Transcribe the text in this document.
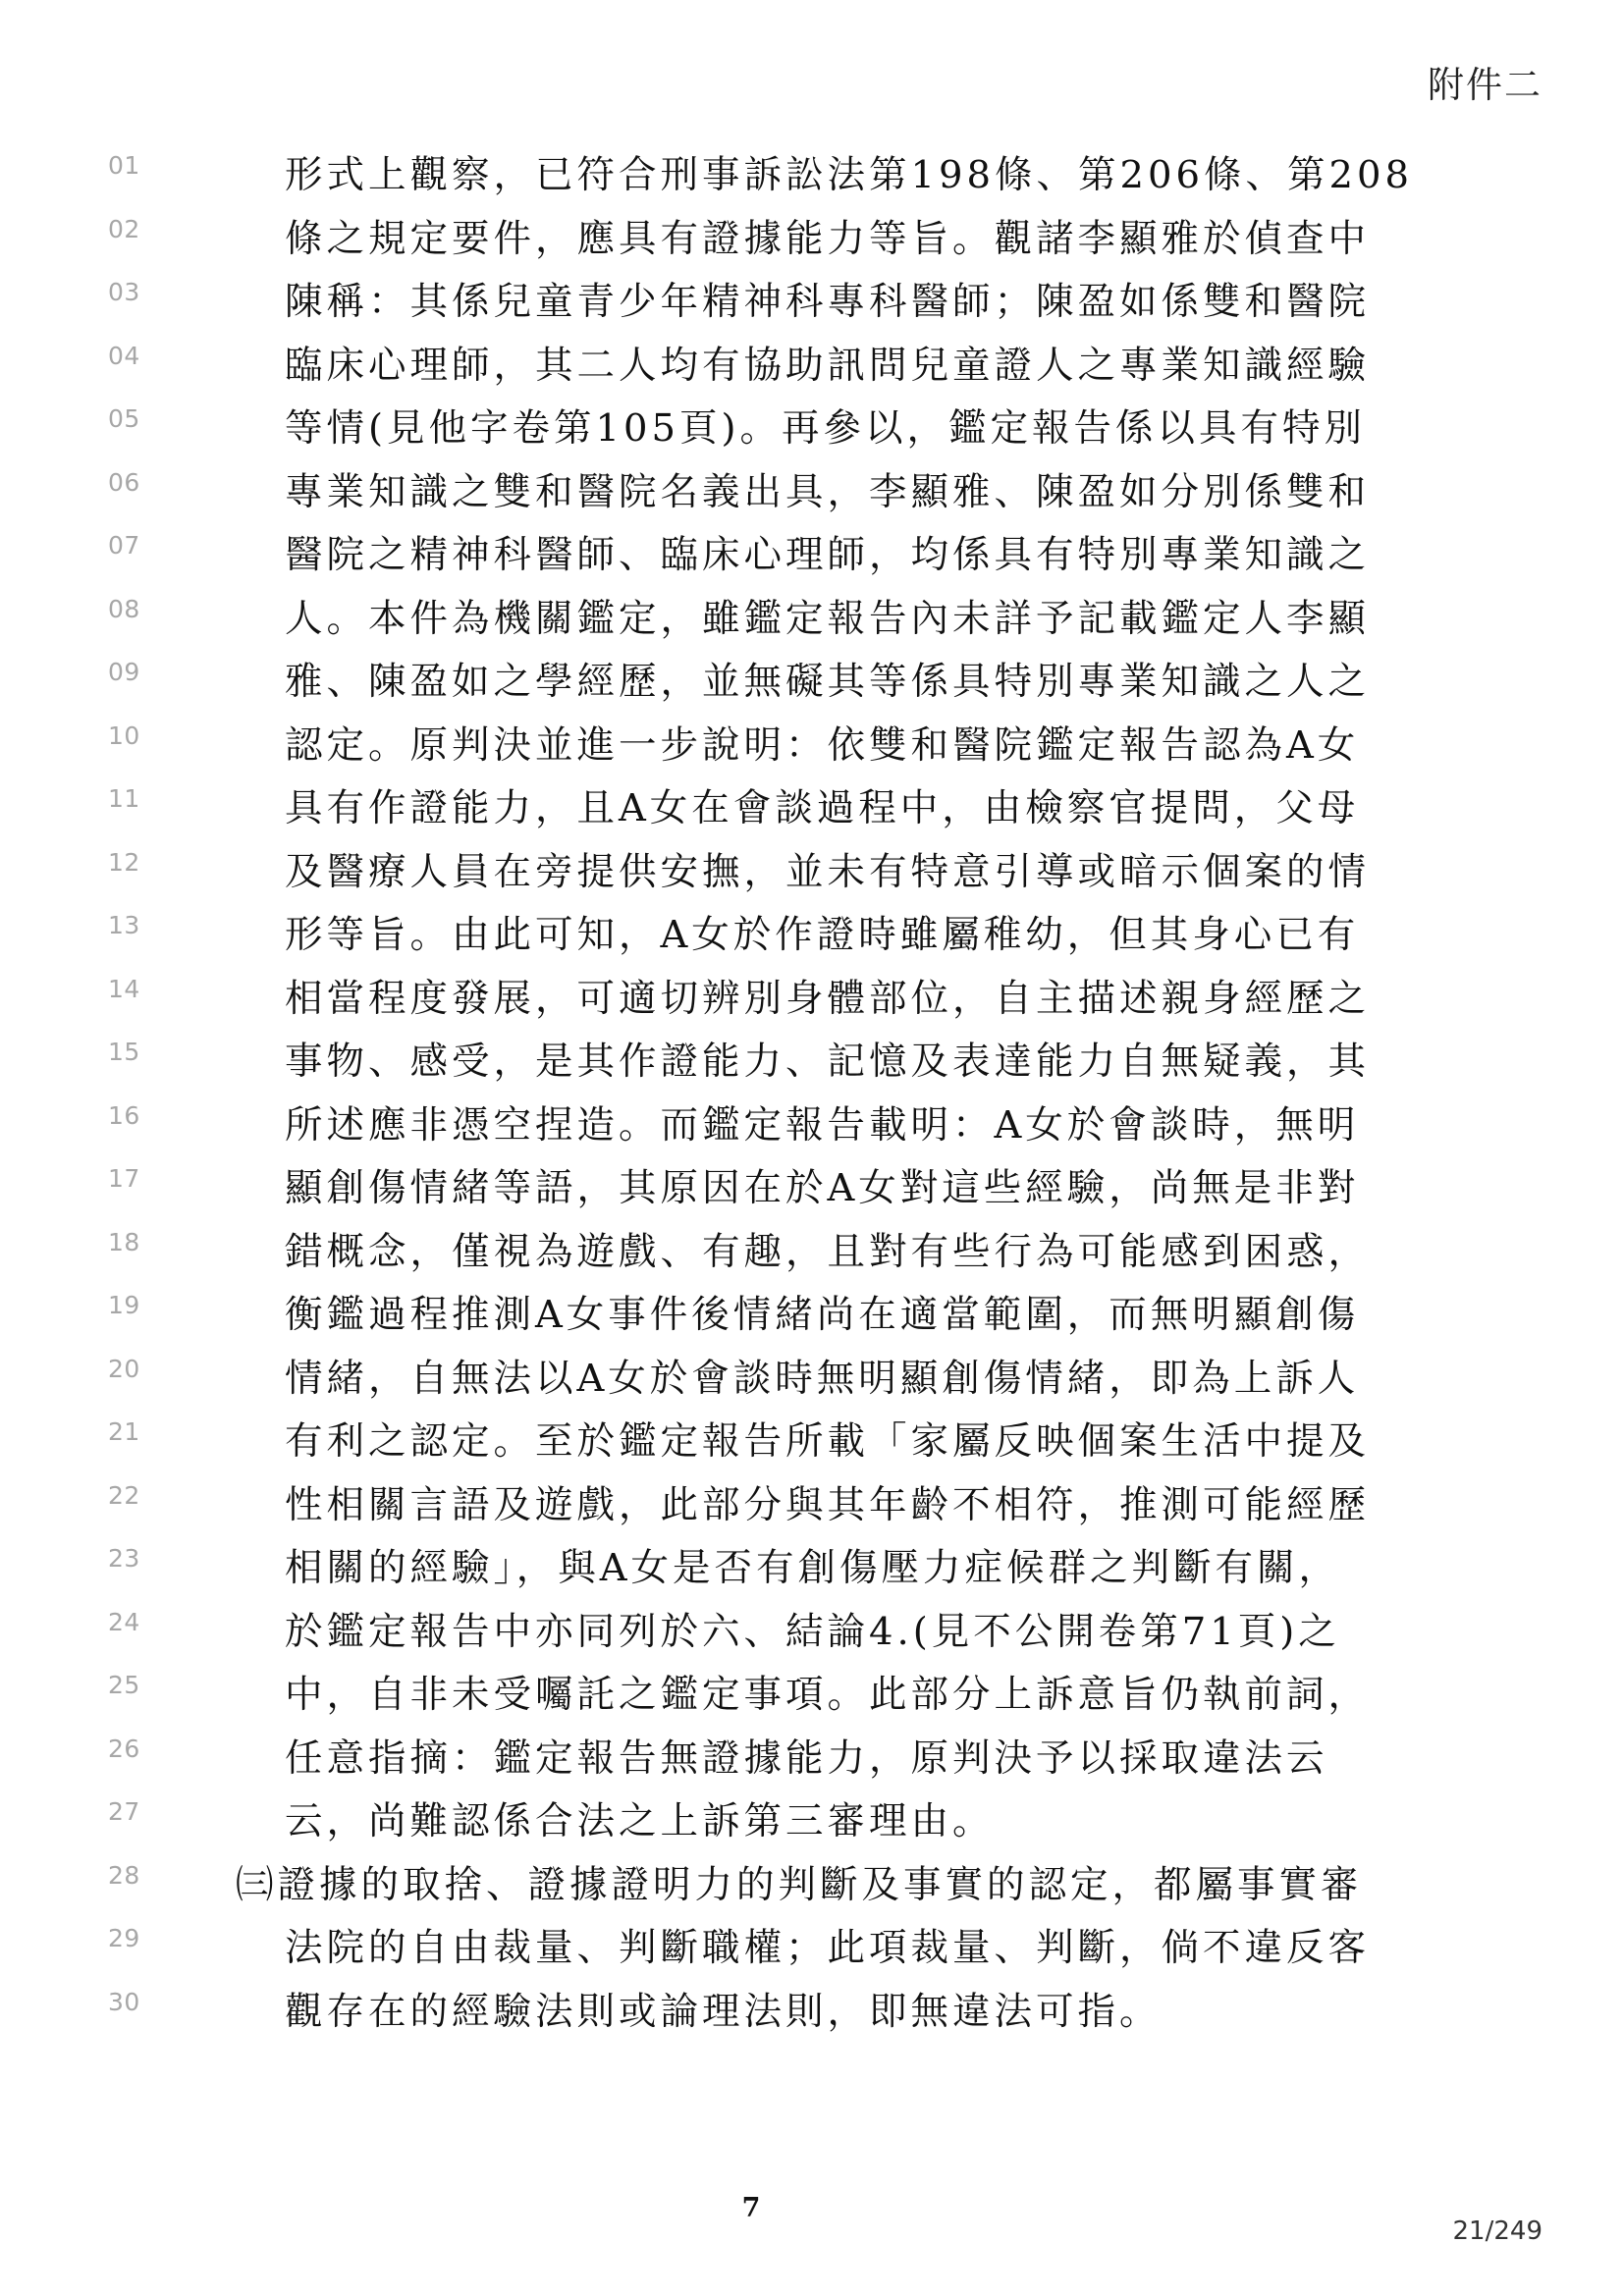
附件二
01	形式上觀察，已符合刑事訴訟法第198條、第206條、第208
02	條之規定要件，應具有證據能力等旨。觀諸李顯雅於偵查中
03	陳稱：其係兒童青少年精神科專科醫師；陳盈如係雙和醫院
04	臨床心理師，其二人均有協助訊問兒童證人之專業知識經驗
05	等情(見他字卷第105頁)。再參以，鑑定報告係以具有特別
06	專業知識之雙和醫院名義出具，李顯雅、陳盈如分別係雙和
07	醫院之精神科醫師、臨床心理師，均係具有特別專業知識之
08	人。本件為機關鑑定，雖鑑定報告內未詳予記載鑑定人李顯
09	雅、陳盈如之學經歷，並無礙其等係具特別專業知識之人之
10	認定。原判決並進一步說明：依雙和醫院鑑定報告認為A女
11	具有作證能力，且A女在會談過程中，由檢察官提問，父母
12	及醫療人員在旁提供安撫，並未有特意引導或暗示個案的情
13	形等旨。由此可知，A女於作證時雖屬稚幼，但其身心已有
14	相當程度發展，可適切辨別身體部位，自主描述親身經歷之
15	事物、感受，是其作證能力、記憶及表達能力自無疑義，其
16	所述應非憑空捏造。而鑑定報告載明：A女於會談時，無明
17	顯創傷情緒等語，其原因在於A女對這些經驗，尚無是非對
18	錯概念，僅視為遊戲、有趣，且對有些行為可能感到困惑，
19	衡鑑過程推測A女事件後情緒尚在適當範圍，而無明顯創傷
20	情緒，自無法以A女於會談時無明顯創傷情緒，即為上訴人
21	有利之認定。至於鑑定報告所載「家屬反映個案生活中提及
22	性相關言語及遊戲，此部分與其年齡不相符，推測可能經歷
23	相關的經驗」，與A女是否有創傷壓力症候群之判斷有關，
24	於鑑定報告中亦同列於六、結論4.(見不公開卷第71頁)之
25	中，自非未受囑託之鑑定事項。此部分上訴意旨仍執前詞，
26	任意指摘：鑑定報告無證據能力，原判決予以採取違法云
27	云，尚難認係合法之上訴第三審理由。
28	㈢證據的取捨、證據證明力的判斷及事實的認定，都屬事實審
29	法院的自由裁量、判斷職權；此項裁量、判斷，倘不違反客
30	觀存在的經驗法則或論理法則，即無違法可指。
7
21/249
